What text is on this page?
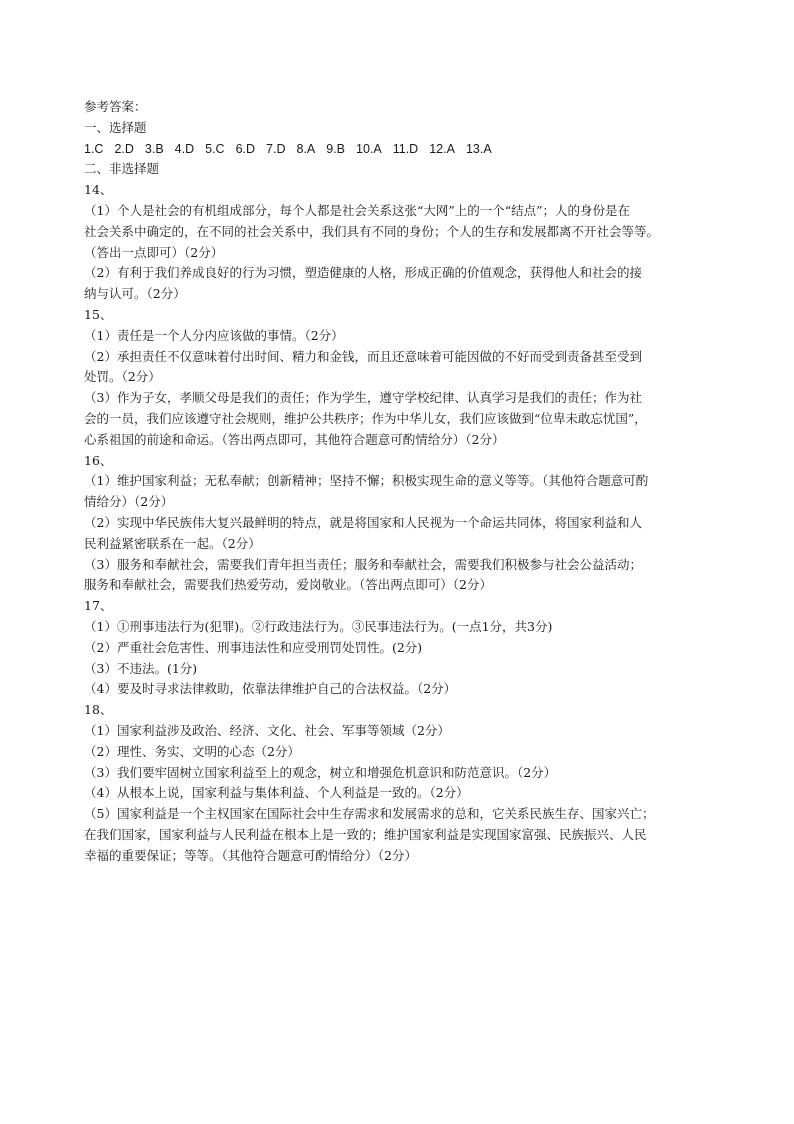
参考答案：

一、选择题

1.C 2.D 3.B 4.D 5.C 6.D 7.D 8.A 9.B 10.A 11.D 12.A 13.A

二、非选择题

14、

（1）个人是社会的有机组成部分，每个人都是社会关系这张“大网”上的一个“结点”；人的身份是在

社会关系中确定的，在不同的社会关系中，我们具有不同的身份；个人的生存和发展都离不开社会等等。

（答出一点即可）（2分）

（2）有利于我们养成良好的行为习惯，塑造健康的人格，形成正确的价值观念，获得他人和社会的接

纳与认可。（2分）

15、

（1）责任是一个人分内应该做的事情。（2分）

（2）承担责任不仅意味着付出时间、精力和金钱，而且还意味着可能因做的不好而受到责备甚至受到

处罚。（2分）

（3）作为子女，孝顺父母是我们的责任；作为学生，遵守学校纪律、认真学习是我们的责任；作为社

会的一员，我们应该遵守社会规则，维护公共秩序；作为中华儿女，我们应该做到“位卑未敢忘忧国”，

心系祖国的前途和命运。（答出两点即可，其他符合题意可酌情给分）（2分）

16、

（1）维护国家利益；无私奉献；创新精神；坚持不懈；积极实现生命的意义等等。（其他符合题意可酌

情给分）（2分）

（2）实现中华民族伟大复兴最鲜明的特点，就是将国家和人民视为一个命运共同体，将国家利益和人

民利益紧密联系在一起。（2分）

（3）服务和奉献社会，需要我们青年担当责任；服务和奉献社会，需要我们积极参与社会公益活动；

服务和奉献社会，需要我们热爱劳动，爱岗敬业。（答出两点即可）（2分）

17、

（1）①刑事违法行为(犯罪)。②行政违法行为。③民事违法行为。(一点1分，共3分)

（2）严重社会危害性、刑事违法性和应受刑罚处罚性。(2分)

（3）不违法。(1分)

（4）要及时寻求法律救助，依靠法律维护自己的合法权益。（2分）

18、

（1）国家利益涉及政治、经济、文化、社会、军事等领域（2分）

（2）理性、务实、文明的心态（2分）

（3）我们要牢固树立国家利益至上的观念，树立和增强危机意识和防范意识。（2分）

（4）从根本上说，国家利益与集体利益、个人利益是一致的。（2分）

（5）国家利益是一个主权国家在国际社会中生存需求和发展需求的总和，它关系民族生存、国家兴亡；

在我们国家，国家利益与人民利益在根本上是一致的；维护国家利益是实现国家富强、民族振兴、人民

幸福的重要保证；等等。（其他符合题意可酌情给分）（2分）
